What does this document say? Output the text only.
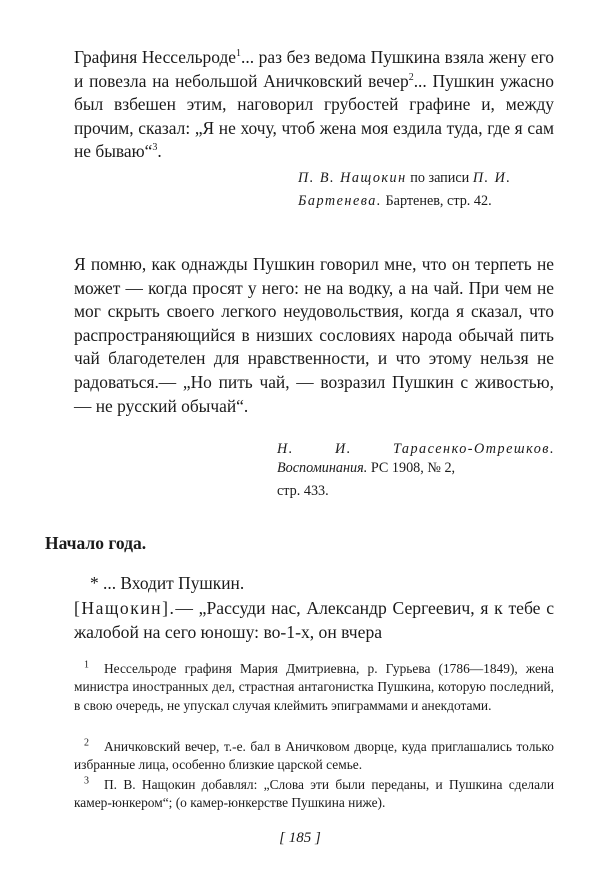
Графиня Нессельроде$^1$... раз без ведома Пушкина взяла жену его и повезла на небольшой Аничковский вечер$^2$... Пушкин ужасно был взбешен этим, наговорил грубостей графине и, между прочим, сказал: „Я не хочу, чтоб жена моя ездила туда, где я сам не бываю“$^3$.

П. В. Нащокин по записи П. И.
Бартенева. Бартенев, стр. 42.

Я помню, как однажды Пушкин говорил мне, что он терпеть не может — когда просят у него: не на водку, а на чай. При чем не мог скрыть своего легкого неудовольствия, когда я сказал, что распространяющийся в низших сословиях народа обычай пить чай благодетелен для нравственности, и что этому нельзя не радоваться.— „Но пить чай, — возразил Пушкин с живостью, — не русский обычай“.

Н. И. Тарасенко-Отрешков. Воспоминания. РС 1908, № 2,
стр. 433.
Начало года.

* ... Входит Пушкин.

[Нащокин].— „Рассуди нас, Александр Сергеевич, я к тебе с жалобой на сего юношу: во-1-х, он вчера

$^1$ Нессельроде графиня Мария Дмитриевна, р. Гурьева (1786—1849), жена министра иностранных дел, страстная антагонистка Пушкина, которую последний, в свою очередь, не упускал случая клеймить эпиграммами и анекдотами.

$^2$ Аничковский вечер, т.-е. бал в Аничковом дворце, куда приглашались только избранные лица, особенно близкие царской семье.

$^3$ П. В. Нащокин добавлял: „Слова эти были переданы, и Пушкина сделали камер-юнкером“; (о камер-юнкерстве Пушкина ниже).

[ 185 ]
